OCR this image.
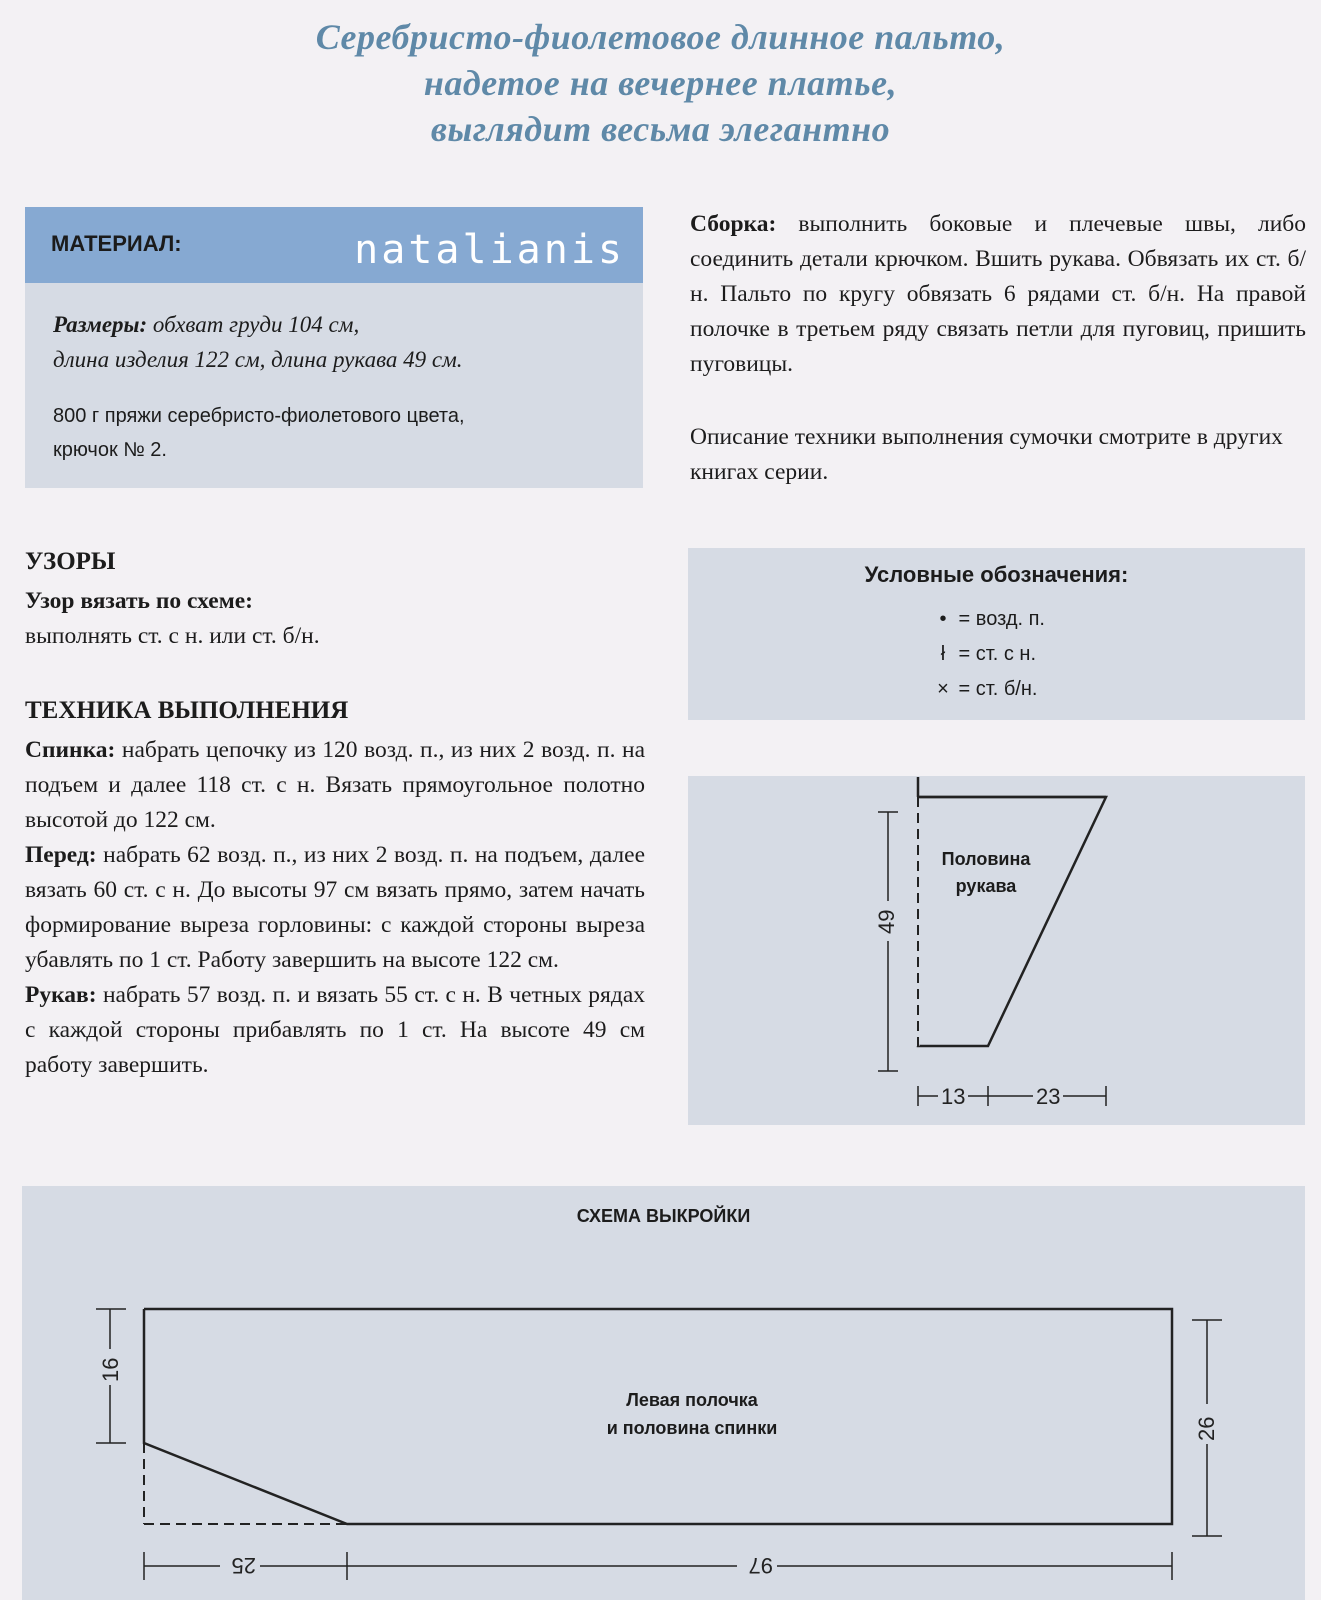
Серебристо-фиолетовое длинное пальто,
надетое на вечернее платье,
выглядит весьма элегантно
МАТЕРИАЛ:	natalianis
Размеры: обхват груди 104 см,
длина изделия 122 см, длина рукава 49 см.
800 г пряжи серебристо-фиолетового цвета,
крючок № 2.
Сборка: выполнить боковые и плечевые швы, либо соединить детали крючком. Вшить рукава. Обвязать их ст. б/н. Пальто по кругу обвязать 6 рядами ст. б/н. На правой полочке в третьем ряду связать петли для пуговиц, пришить пуговицы.
Описание техники выполнения сумочки смотрите в других книгах серии.
УЗОРЫ
Узор вязать по схеме:
выполнять ст. с н. или ст. б/н.
ТЕХНИКА ВЫПОЛНЕНИЯ
Спинка: набрать цепочку из 120 возд. п., из них 2 возд. п. на подъем и далее 118 ст. с н. Вязать прямоугольное полотно высотой до 122 см.
Перед: набрать 62 возд. п., из них 2 возд. п. на подъем, далее вязать 60 ст. с н. До высоты 97 см вязать прямо, затем начать формирование выреза горловины: с каждой стороны выреза убавлять по 1 ст. Работу завершить на высоте 122 см.
Рукав: набрать 57 возд. п. и вязать 55 ст. с н. В четных рядах с каждой стороны прибавлять по 1 ст. На высоте 49 см работу завершить.
Условные обозначения:
• = возд. п.
ł = ст. с н.
× = ст. б/н.
49
13	23
Половина
рукава
СХЕМА ВЫКРОЙКИ
16
26
25	97
Левая полочка
и половина спинки
